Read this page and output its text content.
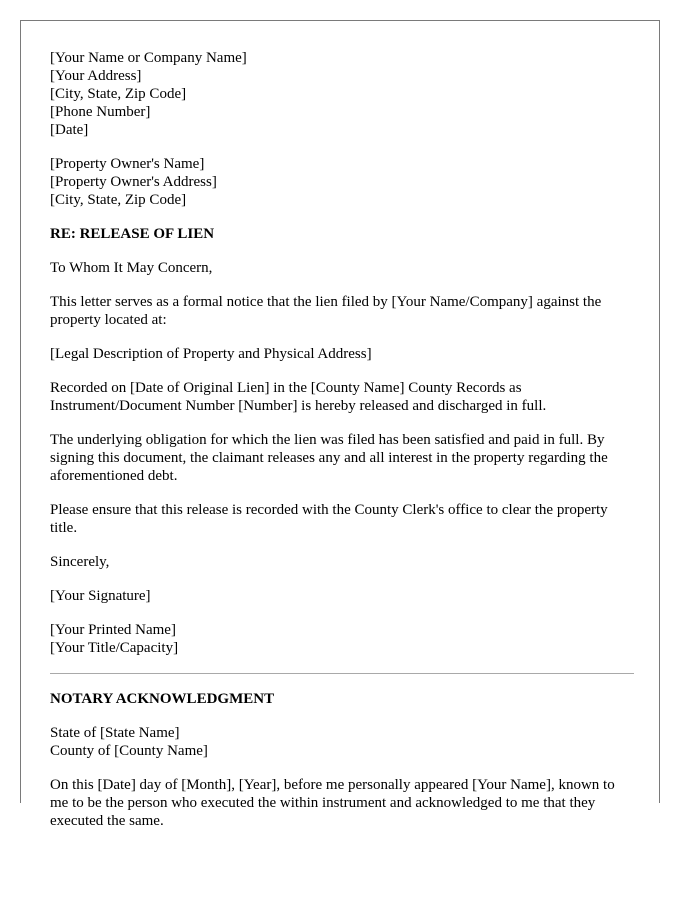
[Your Name or Company Name]
[Your Address]
[City, State, Zip Code]
[Phone Number]
[Date]
[Property Owner's Name]
[Property Owner's Address]
[City, State, Zip Code]
RE: RELEASE OF LIEN

To Whom It May Concern,

This letter serves as a formal notice that the lien filed by [Your Name/Company] against the property located at:

[Legal Description of Property and Physical Address]

Recorded on [Date of Original Lien] in the [County Name] County Records as Instrument/Document Number [Number] is hereby released and discharged in full.

The underlying obligation for which the lien was filed has been satisfied and paid in full. By signing this document, the claimant releases any and all interest in the property regarding the aforementioned debt.

Please ensure that this release is recorded with the County Clerk's office to clear the property title.

Sincerely,

[Your Signature]

[Your Printed Name]
[Your Title/Capacity]
NOTARY ACKNOWLEDGMENT
State of [State Name]
County of [County Name]

On this [Date] day of [Month], [Year], before me personally appeared [Your Name], known to me to be the person who executed the within instrument and acknowledged to me that they executed the same.
